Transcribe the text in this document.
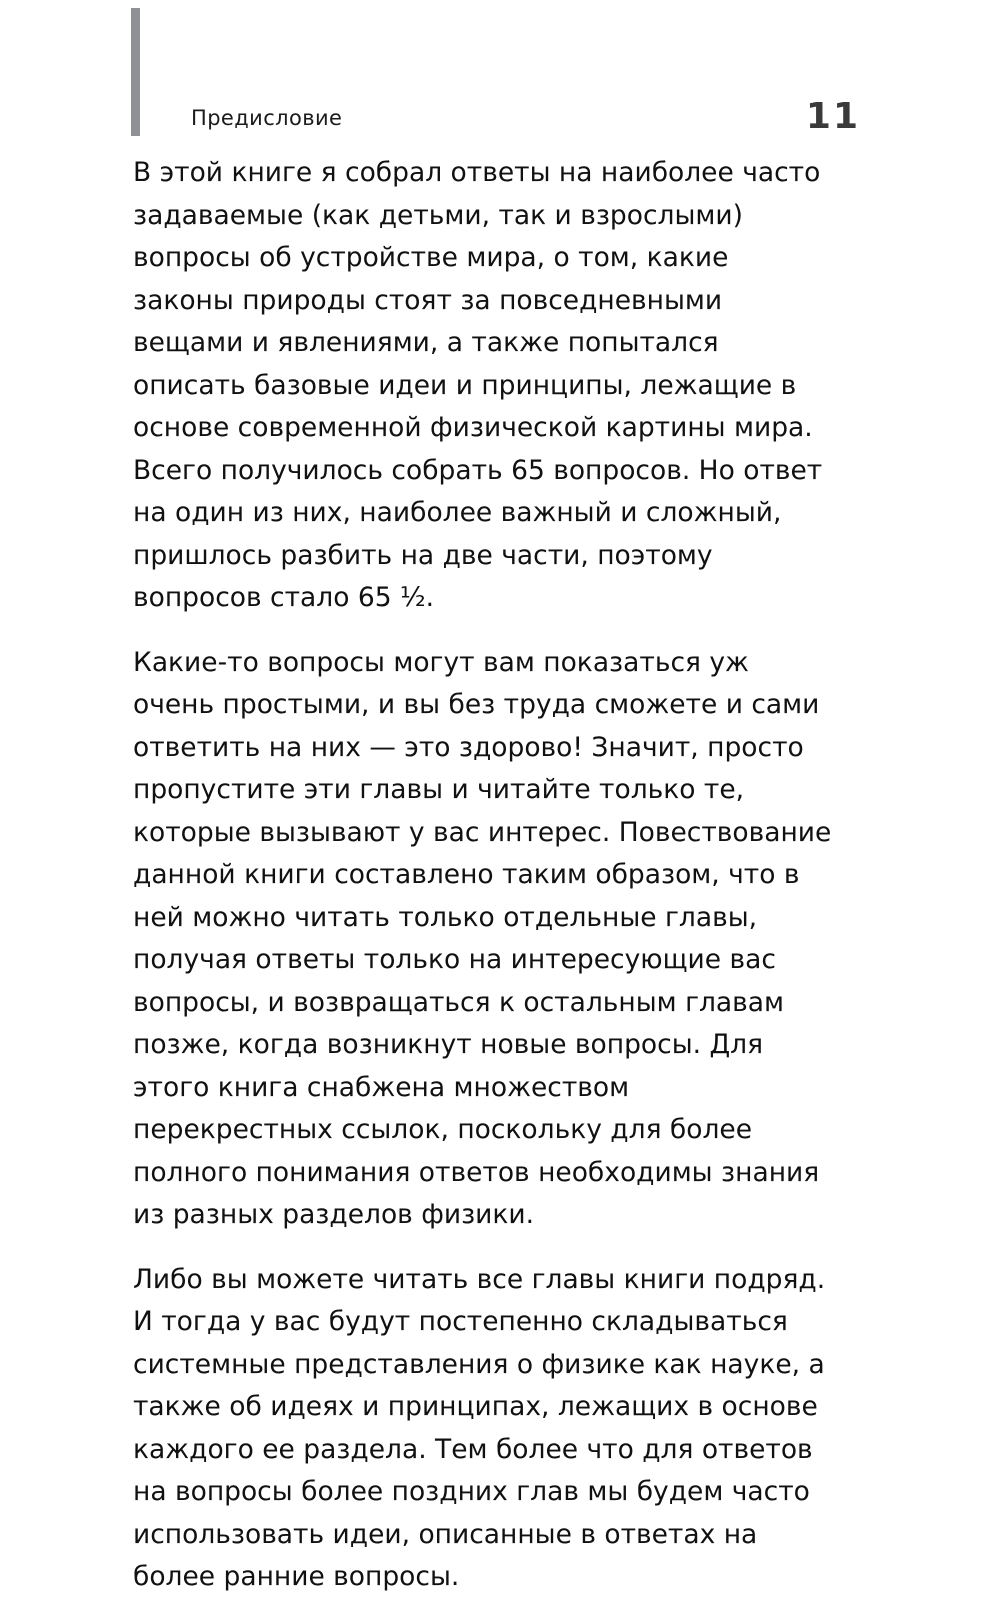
Предисловие	11

В этой книге я собрал ответы на наиболее часто задаваемые (как детьми, так и взрослыми) вопросы об устройстве мира, о том, какие законы природы стоят за повседневными вещами и явлениями, а также попытался описать базовые идеи и принципы, лежащие в основе современной физической картины мира. Всего получилось собрать 65 вопросов. Но ответ на один из них, наиболее важный и сложный, пришлось разбить на две части, поэтому вопросов стало 65 ½.

Какие-то вопросы могут вам показаться уж очень простыми, и вы без труда сможете и сами ответить на них — это здорово! Значит, просто пропустите эти главы и читайте только те, которые вызывают у вас интерес. Повествование данной книги составлено таким образом, что в ней можно читать только отдельные главы, получая ответы только на интересующие вас вопросы, и возвращаться к остальным главам позже, когда возникнут новые вопросы. Для этого книга снабжена множеством перекрестных ссылок, поскольку для более полного понимания ответов необходимы знания из разных разделов физики.

Либо вы можете читать все главы книги подряд. И тогда у вас будут постепенно складываться системные представления о физике как науке, а также об идеях и принципах, лежащих в основе каждого ее раздела. Тем более что для ответов на вопросы более поздних глав мы будем часто использовать идеи, описанные в ответах на более ранние вопросы.
